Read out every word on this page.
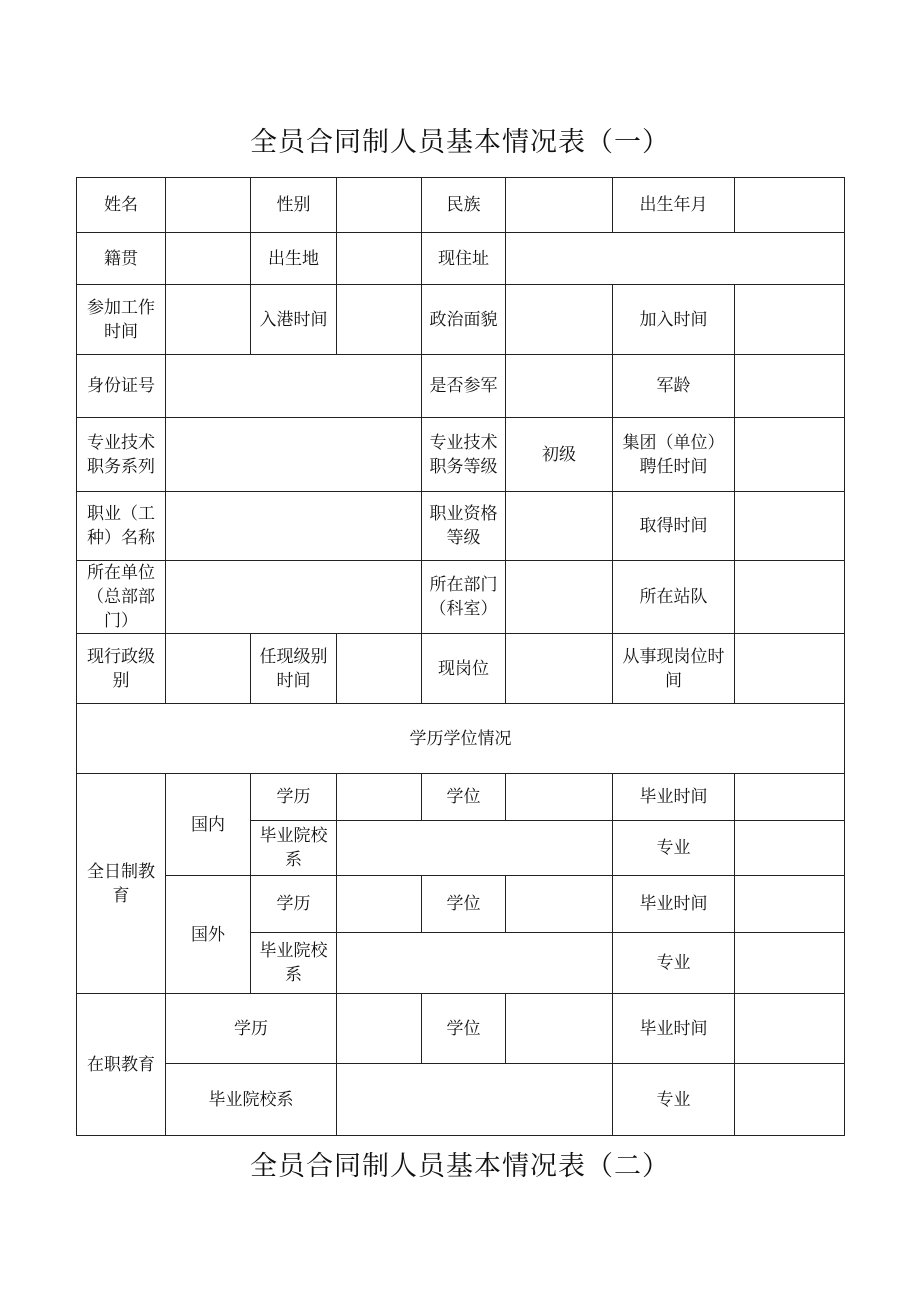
全员合同制人员基本情况表（一）
姓名		性别		民族		出生年月	
籍贯		出生地		现住址			
参加工作时间		入港时间		政治面貌		加入时间	
身份证号				是否参军		军龄	
专业技术职务系列				专业技术职务等级	初级	集团（单位）聘任时间	
职业（工种）名称				职业资格等级		取得时间	
所在单位（总部部门）				所在部门（科室）		所在站队	
现行政级别		任现级别时间		现岗位		从事现岗位时间	
学历学位情况							
全日制教育	国内	学历		学位		毕业时间	
		毕业院校系				专业	
	国外	学历		学位		毕业时间	
		毕业院校系				专业	
在职教育	学历			学位		毕业时间	
	毕业院校系					专业	
全员合同制人员基本情况表（二）
